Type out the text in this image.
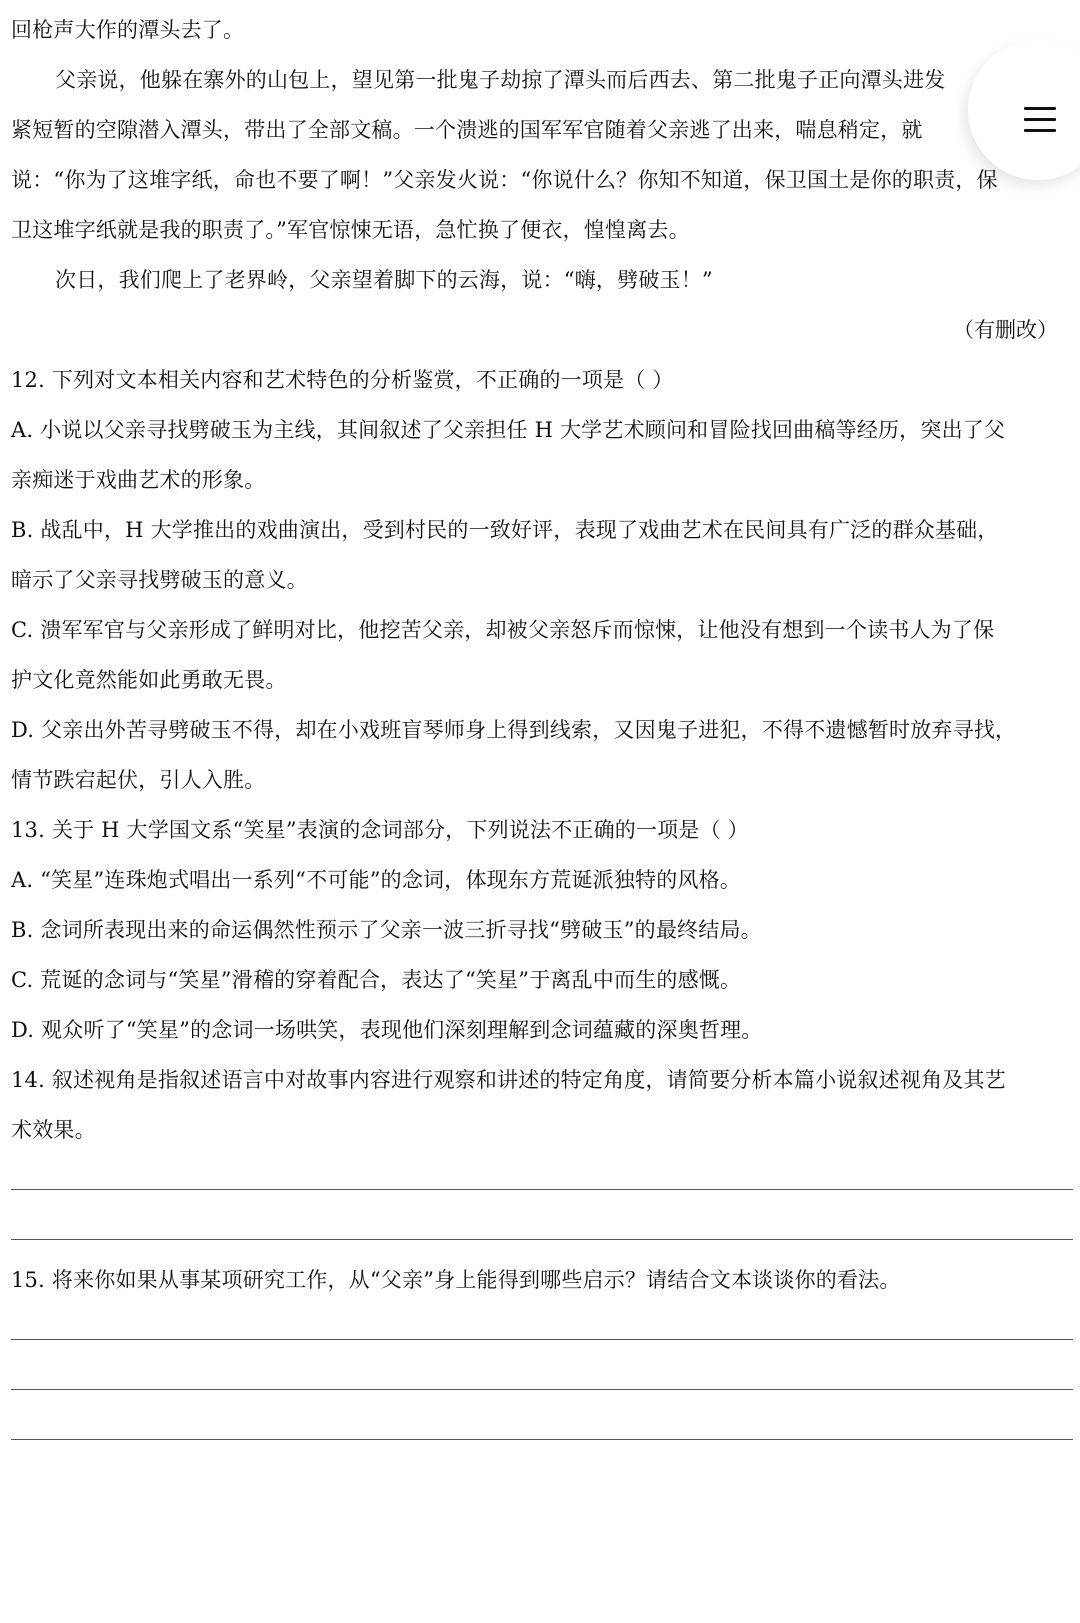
回枪声大作的潭头去了。
父亲说，他躲在寨外的山包上，望见第一批鬼子劫掠了潭头而后西去、第二批鬼子正向潭头进发
紧短暂的空隙潜入潭头，带出了全部文稿。一个溃逃的国军军官随着父亲逃了出来，喘息稍定，就
说：“你为了这堆字纸，命也不要了啊！”父亲发火说：“你说什么？你知不知道，保卫国土是你的职责，保
卫这堆字纸就是我的职责了。”军官惊悚无语，急忙换了便衣，惶惶离去。
次日，我们爬上了老界岭，父亲望着脚下的云海，说：“嗨，劈破玉！”
（有删改）
12. 下列对文本相关内容和艺术特色的分析鉴赏，不正确的一项是（ ）
A. 小说以父亲寻找劈破玉为主线，其间叙述了父亲担任 H 大学艺术顾问和冒险找回曲稿等经历，突出了父
亲痴迷于戏曲艺术的形象。
B. 战乱中，H 大学推出的戏曲演出，受到村民的一致好评，表现了戏曲艺术在民间具有广泛的群众基础，
暗示了父亲寻找劈破玉的意义。
C. 溃军军官与父亲形成了鲜明对比，他挖苦父亲，却被父亲怒斥而惊悚，让他没有想到一个读书人为了保
护文化竟然能如此勇敢无畏。
D. 父亲出外苦寻劈破玉不得，却在小戏班盲琴师身上得到线索，又因鬼子进犯，不得不遗憾暂时放弃寻找，
情节跌宕起伏，引人入胜。
13. 关于 H 大学国文系“笑星”表演的念词部分，下列说法不正确的一项是（ ）
A. “笑星”连珠炮式唱出一系列“不可能”的念词，体现东方荒诞派独特的风格。
B. 念词所表现出来的命运偶然性预示了父亲一波三折寻找“劈破玉”的最终结局。
C. 荒诞的念词与“笑星”滑稽的穿着配合，表达了“笑星”于离乱中而生的感慨。
D. 观众听了“笑星”的念词一场哄笑，表现他们深刻理解到念词蕴藏的深奥哲理。
14. 叙述视角是指叙述语言中对故事内容进行观察和讲述的特定角度，请简要分析本篇小说叙述视角及其艺
术效果。
15. 将来你如果从事某项研究工作，从“父亲”身上能得到哪些启示？请结合文本谈谈你的看法。
